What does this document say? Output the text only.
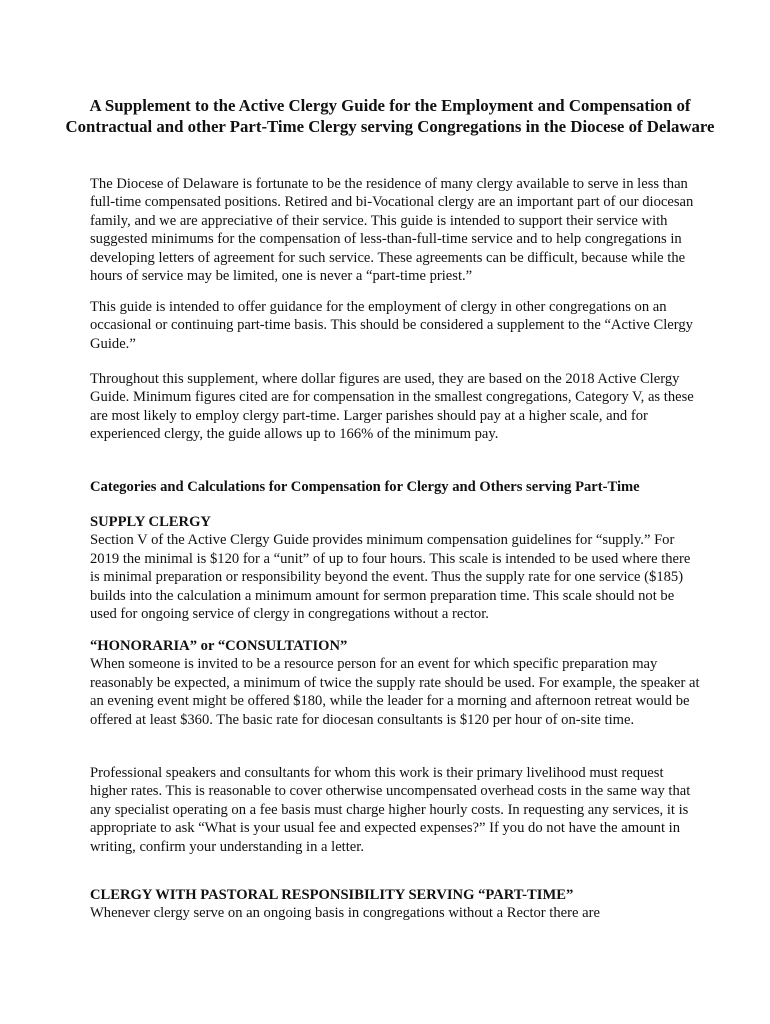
A Supplement to the Active Clergy Guide for the Employment and Compensation of Contractual and other Part-Time Clergy serving Congregations in the Diocese of Delaware

The Diocese of Delaware is fortunate to be the residence of many clergy available to serve in less than full-time compensated positions. Retired and bi-Vocational clergy are an important part of our diocesan family, and we are appreciative of their service. This guide is intended to support their service with suggested minimums for the compensation of less-than-full-time service and to help congregations in developing letters of agreement for such service. These agreements can be difficult, because while the hours of service may be limited, one is never a “part-time priest.”

This guide is intended to offer guidance for the employment of clergy in other congregations on an occasional or continuing part-time basis. This should be considered a supplement to the “Active Clergy Guide.”

Throughout this supplement, where dollar figures are used, they are based on the 2018 Active Clergy Guide. Minimum figures cited are for compensation in the smallest congregations, Category V, as these are most likely to employ clergy part-time. Larger parishes should pay at a higher scale, and for experienced clergy, the guide allows up to 166% of the minimum pay.

Categories and Calculations for Compensation for Clergy and Others serving Part-Time

SUPPLY CLERGY

Section V of the Active Clergy Guide provides minimum compensation guidelines for “supply.” For 2019 the minimal is $120 for a “unit” of up to four hours. This scale is intended to be used where there is minimal preparation or responsibility beyond the event. Thus the supply rate for one service ($185) builds into the calculation a minimum amount for sermon preparation time. This scale should not be used for ongoing service of clergy in congregations without a rector.

“HONORARIA” or “CONSULTATION”

When someone is invited to be a resource person for an event for which specific preparation may reasonably be expected, a minimum of twice the supply rate should be used. For example, the speaker at an evening event might be offered $180, while the leader for a morning and afternoon retreat would be offered at least $360. The basic rate for diocesan consultants is $120 per hour of on-site time.

Professional speakers and consultants for whom this work is their primary livelihood must request higher rates. This is reasonable to cover otherwise uncompensated overhead costs in the same way that any specialist operating on a fee basis must charge higher hourly costs. In requesting any services, it is appropriate to ask “What is your usual fee and expected expenses?” If you do not have the amount in writing, confirm your understanding in a letter.

CLERGY WITH PASTORAL RESPONSIBILITY SERVING “PART-TIME”

Whenever clergy serve on an ongoing basis in congregations without a Rector there are
